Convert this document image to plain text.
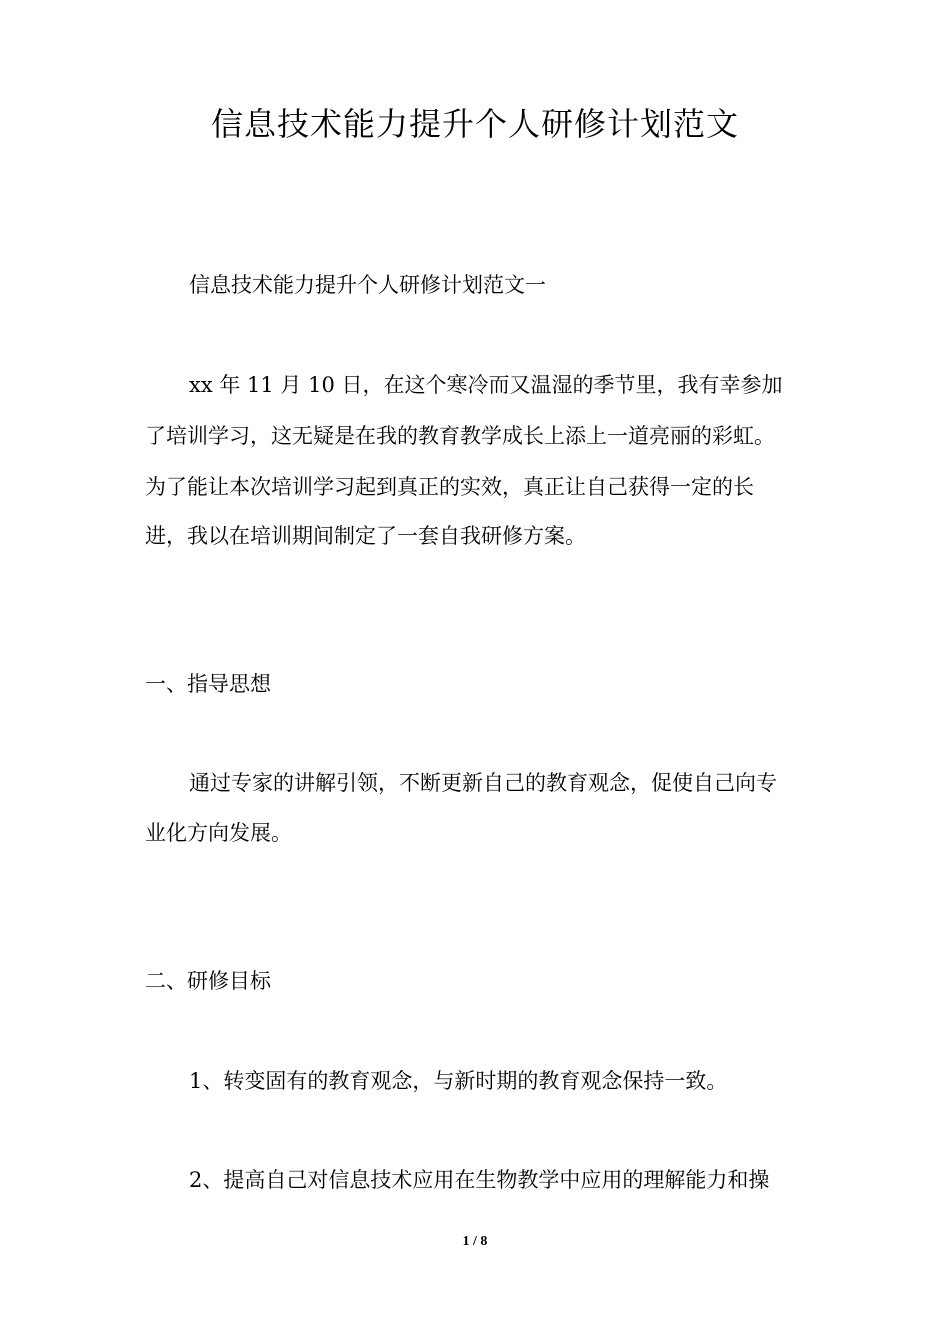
信息技术能力提升个人研修计划范文
信息技术能力提升个人研修计划范文一
xx 年 11 月 10 日，在这个寒冷而又温湿的季节里，我有幸参加
了培训学习，这无疑是在我的教育教学成长上添上一道亮丽的彩虹。
为了能让本次培训学习起到真正的实效，真正让自己获得一定的长
进，我以在培训期间制定了一套自我研修方案。
一、指导思想
通过专家的讲解引领，不断更新自己的教育观念，促使自己向专
业化方向发展。
二、研修目标
1、转变固有的教育观念，与新时期的教育观念保持一致。
2、提高自己对信息技术应用在生物教学中应用的理解能力和操
1 / 8
